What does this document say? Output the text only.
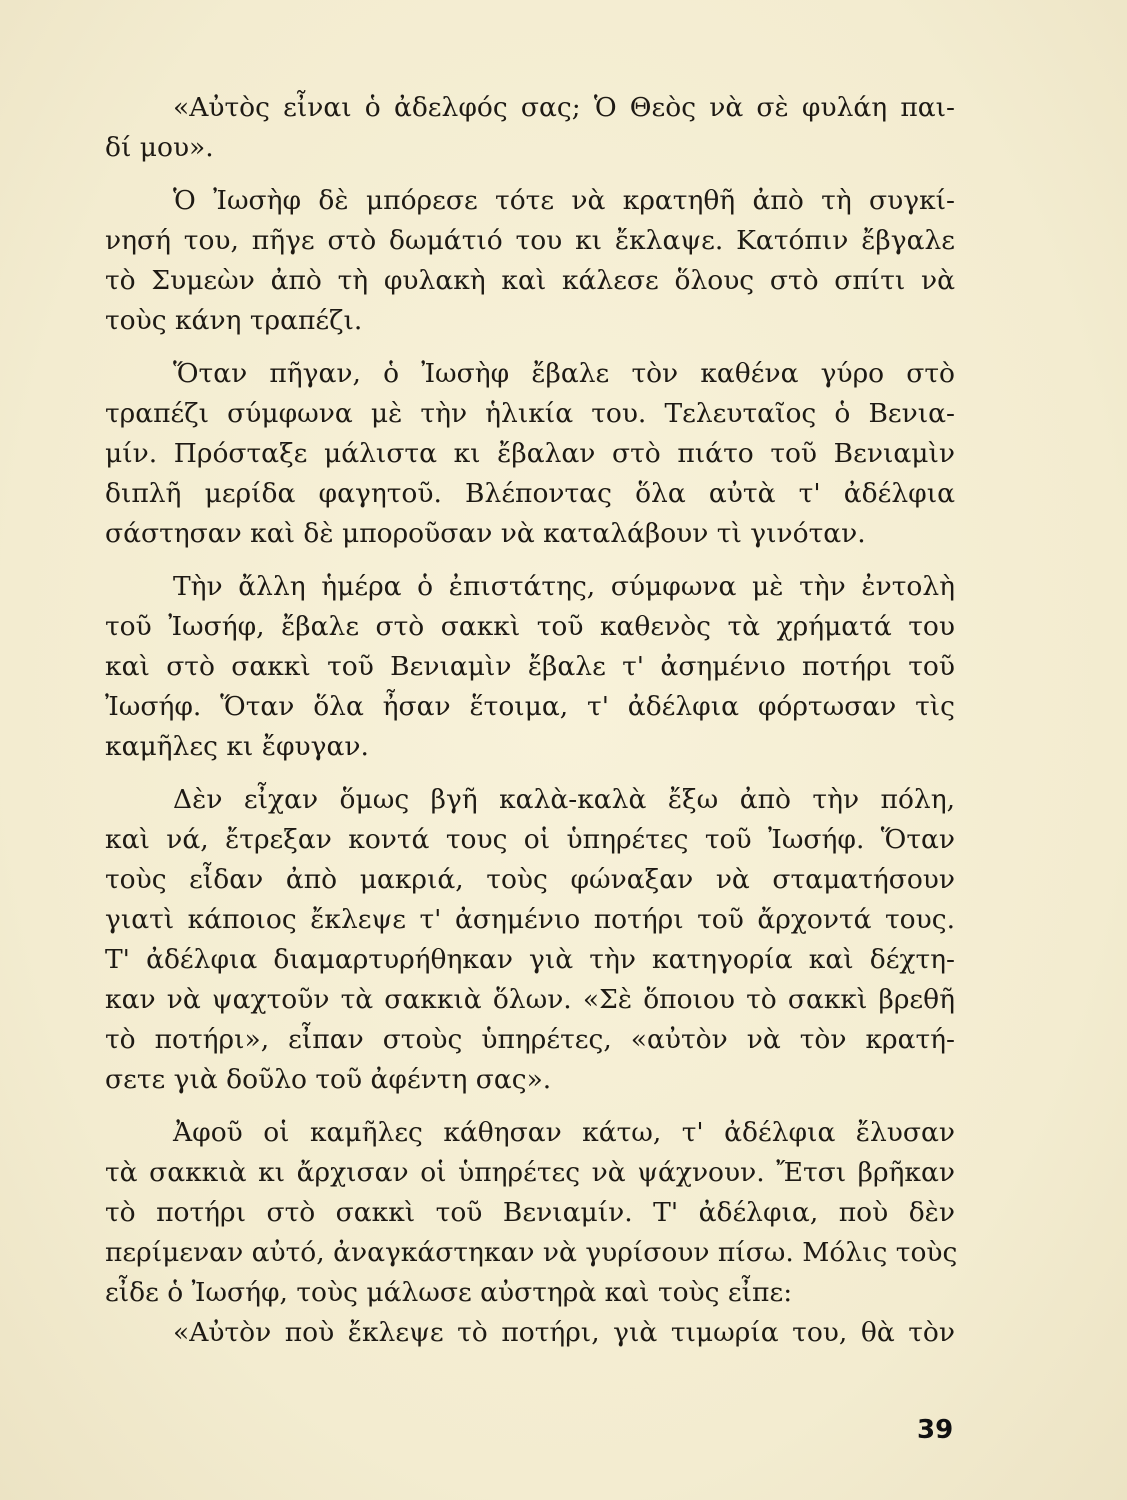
«Αὐτὸς εἶναι ὁ ἀδελφός σας; Ὁ Θεὸς νὰ σὲ φυλάη παι-
δί μου».
Ὁ Ἰωσὴφ δὲ μπόρεσε τότε νὰ κρατηθῆ ἀπὸ τὴ συγκί-
νησή του, πῆγε στὸ δωμάτιό του κι ἔκλαψε. Κατόπιν ἔβγαλε
τὸ Συμεὼν ἀπὸ τὴ φυλακὴ καὶ κάλεσε ὅλους στὸ σπίτι νὰ
τοὺς κάνη τραπέζι.
Ὅταν πῆγαν, ὁ Ἰωσὴφ ἔβαλε τὸν καθένα γύρο στὸ
τραπέζι σύμφωνα μὲ τὴν ἡλικία του. Τελευταῖος ὁ Βενια-
μίν. Πρόσταξε μάλιστα κι ἔβαλαν στὸ πιάτο τοῦ Βενιαμὶν
διπλῆ μερίδα φαγητοῦ. Βλέποντας ὅλα αὐτὰ τ' ἀδέλφια
σάστησαν καὶ δὲ μποροῦσαν νὰ καταλάβουν τὶ γινόταν.
Τὴν ἄλλη ἡμέρα ὁ ἐπιστάτης, σύμφωνα μὲ τὴν ἐντολὴ
τοῦ Ἰωσήφ, ἔβαλε στὸ σακκὶ τοῦ καθενὸς τὰ χρήματά του
καὶ στὸ σακκὶ τοῦ Βενιαμὶν ἔβαλε τ' ἀσημένιο ποτήρι τοῦ
Ἰωσήφ. Ὅταν ὅλα ἦσαν ἕτοιμα, τ' ἀδέλφια φόρτωσαν τὶς
καμῆλες κι ἔφυγαν.
Δὲν εἶχαν ὅμως βγῆ καλὰ-καλὰ ἔξω ἀπὸ τὴν πόλη,
καὶ νά, ἔτρεξαν κοντά τους οἱ ὑπηρέτες τοῦ Ἰωσήφ. Ὅταν
τοὺς εἶδαν ἀπὸ μακριά, τοὺς φώναξαν νὰ σταματήσουν
γιατὶ κάποιος ἔκλεψε τ' ἀσημένιο ποτήρι τοῦ ἄρχοντά τους.
Τ' ἀδέλφια διαμαρτυρήθηκαν γιὰ τὴν κατηγορία καὶ δέχτη-
καν νὰ ψαχτοῦν τὰ σακκιὰ ὅλων. «Σὲ ὅποιου τὸ σακκὶ βρεθῆ
τὸ ποτήρι», εἶπαν στοὺς ὑπηρέτες, «αὐτὸν νὰ τὸν κρατή-
σετε γιὰ δοῦλο τοῦ ἀφέντη σας».
Ἀφοῦ οἱ καμῆλες κάθησαν κάτω, τ' ἀδέλφια ἔλυσαν
τὰ σακκιὰ κι ἄρχισαν οἱ ὑπηρέτες νὰ ψάχνουν. Ἔτσι βρῆκαν
τὸ ποτήρι στὸ σακκὶ τοῦ Βενιαμίν. Τ' ἀδέλφια, ποὺ δὲν
περίμεναν αὐτό, ἀναγκάστηκαν νὰ γυρίσουν πίσω. Μόλις τοὺς
εἶδε ὁ Ἰωσήφ, τοὺς μάλωσε αὐστηρὰ καὶ τοὺς εἶπε:
«Αὐτὸν ποὺ ἔκλεψε τὸ ποτήρι, γιὰ τιμωρία του, θὰ τὸν
39
